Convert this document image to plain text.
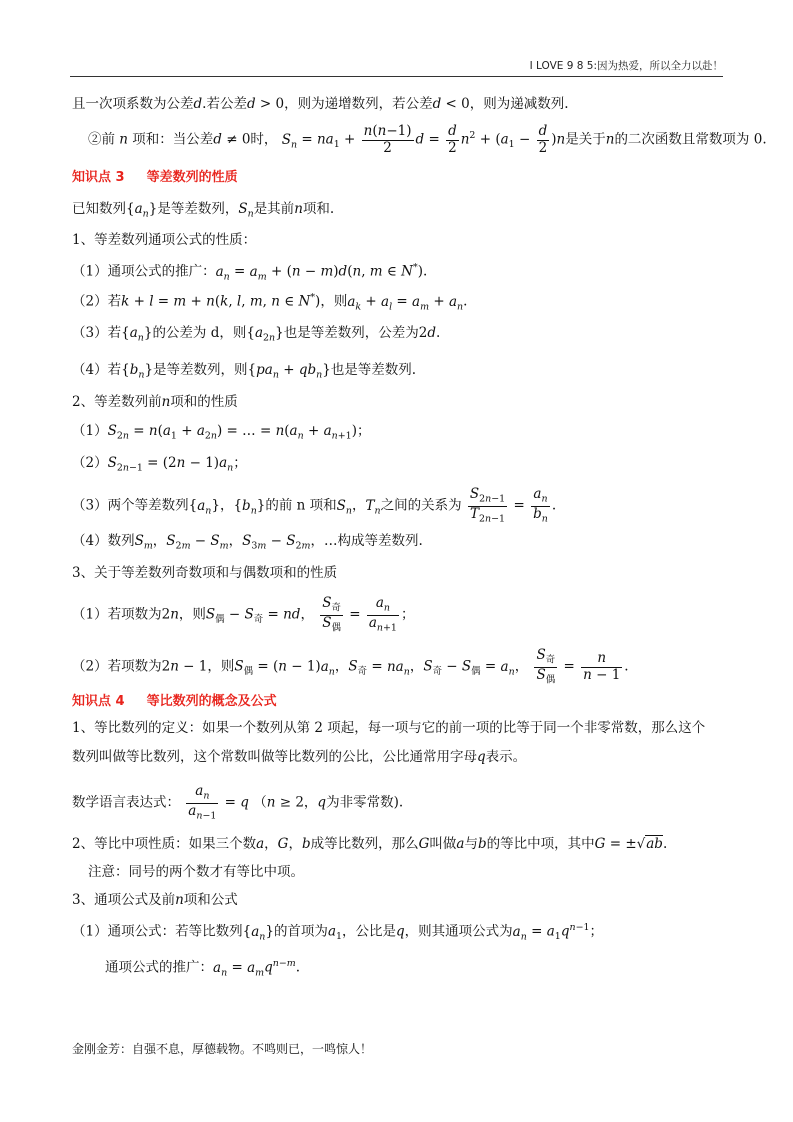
I LOVE 9 8 5:因为热爱，所以全力以赴！
且一次项系数为公差d.若公差d > 0，则为递增数列，若公差d < 0，则为递减数列.
②前 n 项和：当公差d ≠ 0时， $S_n = na_1 + \frac{n(n-1)}{2}$ $d = \frac{d}{2} n^2 + (a_1 - \frac{d}{2} )n$是关于n的二次函数且常数项为 0.
知识点 3 等差数列的性质
已知数列$\{a_n\}$是等差数列，$S_n$是其前n项和.
1、等差数列通项公式的性质：
（1）通项公式的推广：$a_n = a_m + (n - m)d(n$, m ∈ N*).
（2）若k + l = m + n(k, l, m, n ∈ N*)，则$a_k + a_l = a_m + a_n$.
（3）若$\{a_n\}$的公差为 d，则$\{a_{2n}\}$也是等差数列，公差为2d.
（4）若$\{b_n\}$是等差数列，则$\{pa_n + qb_n\}$也是等差数列.
2、等差数列前n项和的性质
$(1)S_{2n} = n(a_1 + a_{2n})$ = … = $n(a_n + a_{n+1})$；
$(2)S_{2n-1} = (2n - 1)a_n$；
（3）两个等差数列$\{a_n\}$，$\{b_n\}$的前 n 项和$S_n$，$T_n$之间的关系为 $\frac{S_{2n-1}}{T_{2n-1}} = \frac{a_n}{b_n}$ .
（4）数列$S_m$，$S_{2m} - S_m$，$S_{3m} - S_{2m}$，…构成等差数列.
3、关于等差数列奇数项和与偶数项和的性质
（1）若项数为2n，则$S_偶 - S_奇$ = nd， $\frac{S_奇}{S_偶} = \frac{a_n}{a_{n+1}}$ ；
（2）若项数为2n − 1，则$S_偶 = (n - 1)a_n$，$S_奇 = na_n$，$S_奇 - S_偶 = a_n$， $\frac{S_奇}{S_偶} = \frac{n}{n - 1}$ .
知识点 4 等比数列的概念及公式
1、等比数列的定义：如果一个数列从第 2 项起，每一项与它的前一项的比等于同一个非零常数，那么这个
数列叫做等比数列，这个常数叫做等比数列的公比，公比通常用字母q表示。
数学语言表达式： $\frac{a_n}{a_{n-1}} = q$ （n ≥ 2，q为非零常数).
2、等比中项性质：如果三个数a，G，b成等比数列，那么G叫做a与b的等比中项，其中G = ±√ab.
注意：同号的两个数才有等比中项。
3、通项公式及前n项和公式
（1）通项公式：若等比数列$\{a_n\}$的首项为$a_1$，公比是q，则其通项公式为$a_n = a_1q^{n-1}$；
通项公式的推广：$a_n = a_mq^{n-m}$.
金刚金芳：自强不息，厚德载物。不鸣则已，一鸣惊人！
